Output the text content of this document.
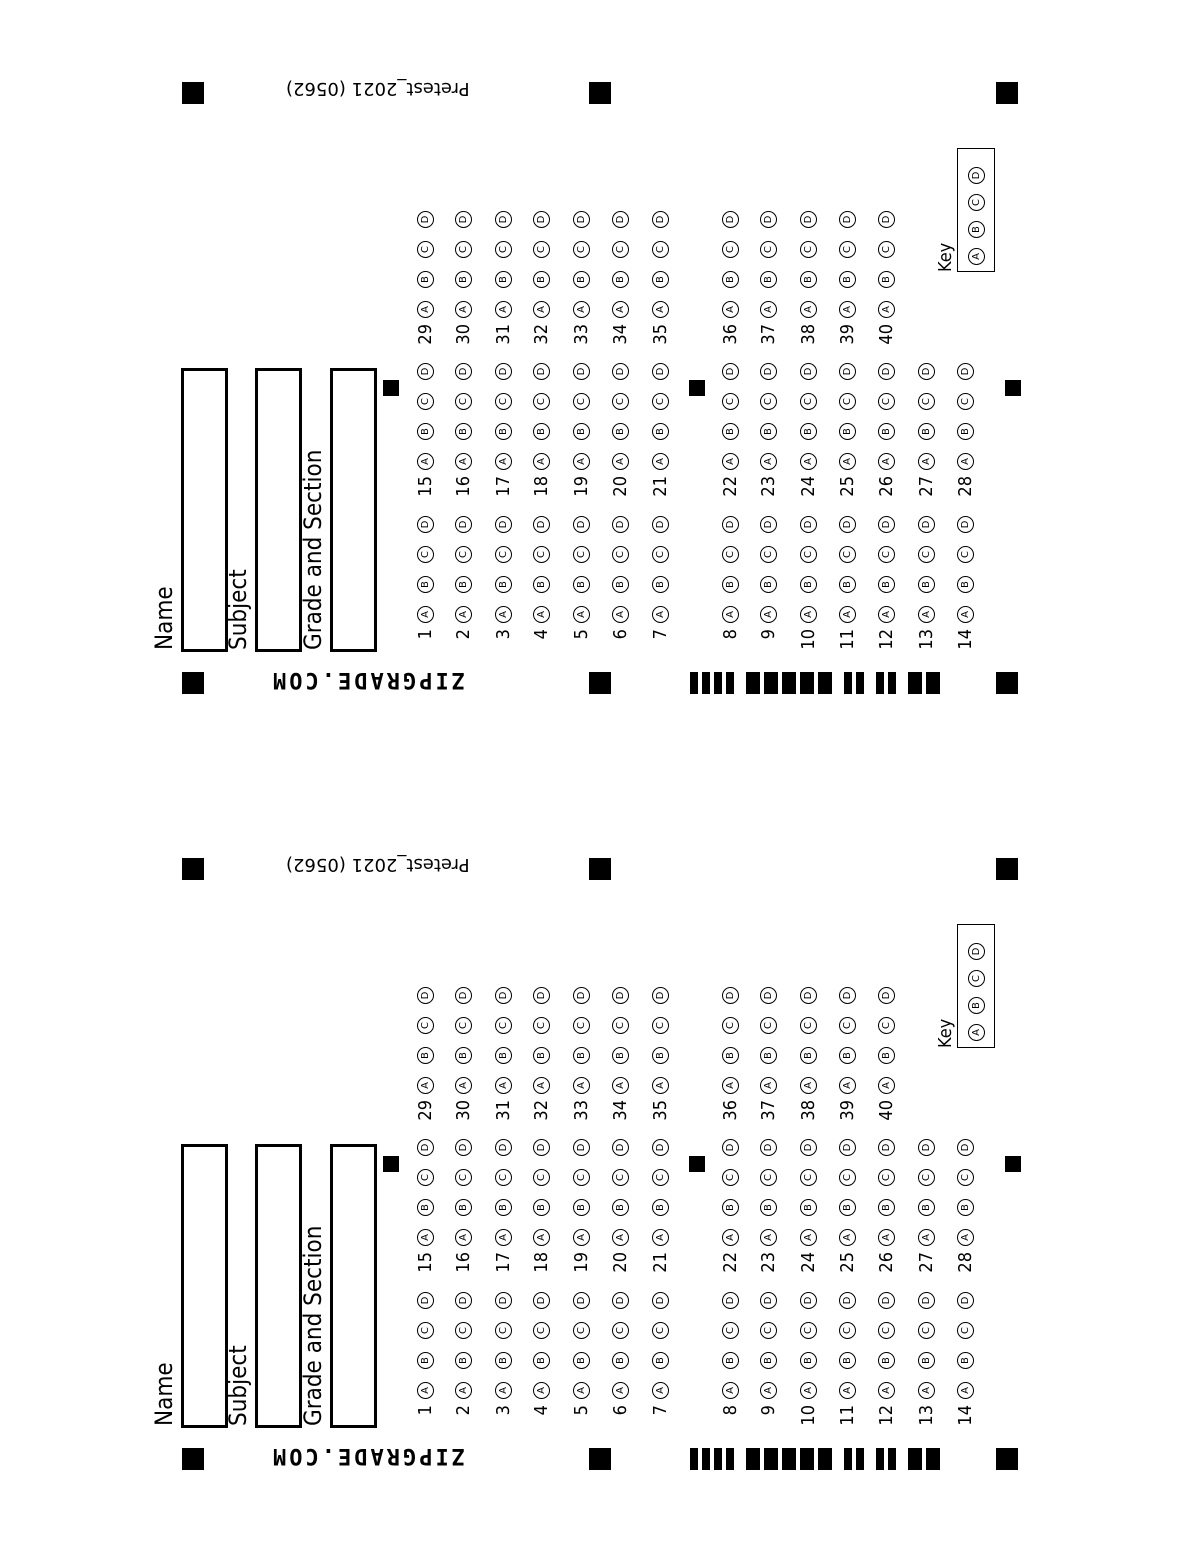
Name Subject Grade and Section
ZIPGRADE.COM
Pretest_2021 (0562)
1
A
B
C
D
2
A
B
C
D
3
A
B
C
D
4
A
B
C
D
5
A
B
C
D
6
A
B
C
D
7
A
B
C
D
8
A
B
C
D
9
A
B
C
D
10
A
B
C
D
11
A
B
C
D
12
A
B
C
D
13
A
B
C
D
14
A
B
C
D
15
A
B
C
D
16
A
B
C
D
17
A
B
C
D
18
A
B
C
D
19
A
B
C
D
20
A
B
C
D
21
A
B
C
D
22
A
B
C
D
23
A
B
C
D
24
A
B
C
D
25
A
B
C
D
26
A
B
C
D
27
A
B
C
D
28
A
B
C
D
29
A
B
C
D
30
A
B
C
D
31
A
B
C
D
32
A
B
C
D
33
A
B
C
D
34
A
B
C
D
35
A
B
C
D
36
A
B
C
D
37
A
B
C
D
38
A
B
C
D
39
A
B
C
D
40
A
B
C
D
Key	A
B
C
D
Name Subject Grade and Section
ZIPGRADE.COM
Pretest_2021 (0562)
1
A
B
C
D
2
A
B
C
D
3
A
B
C
D
4
A
B
C
D
5
A
B
C
D
6
A
B
C
D
7
A
B
C
D
8
A
B
C
D
9
A
B
C
D
10
A
B
C
D
11
A
B
C
D
12
A
B
C
D
13
A
B
C
D
14
A
B
C
D
15
A
B
C
D
16
A
B
C
D
17
A
B
C
D
18
A
B
C
D
19
A
B
C
D
20
A
B
C
D
21
A
B
C
D
22
A
B
C
D
23
A
B
C
D
24
A
B
C
D
25
A
B
C
D
26
A
B
C
D
27
A
B
C
D
28
A
B
C
D
29
A
B
C
D
30
A
B
C
D
31
A
B
C
D
32
A
B
C
D
33
A
B
C
D
34
A
B
C
D
35
A
B
C
D
36
A
B
C
D
37
A
B
C
D
38
A
B
C
D
39
A
B
C
D
40
A
B
C
D
Key	A
B
C
D
